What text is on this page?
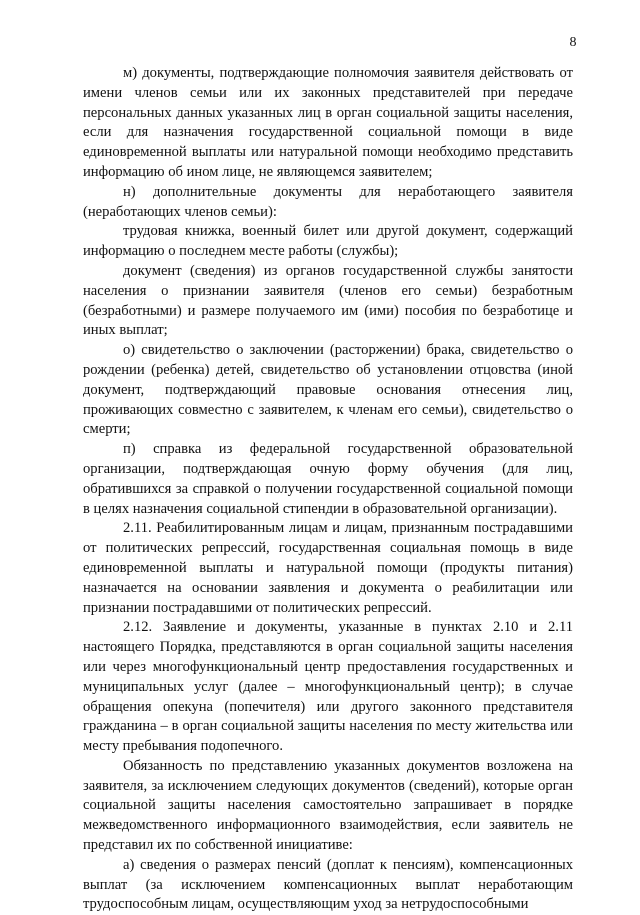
8

м) документы, подтверждающие полномочия заявителя действовать от имени членов семьи или их законных представителей при передаче персональных данных указанных лиц в орган социальной защиты населения, если для назначения государственной социальной помощи в виде единовременной выплаты или натуральной помощи необходимо представить информацию об ином лице, не являющемся заявителем;

н) дополнительные документы для неработающего заявителя (неработающих членов семьи):

трудовая книжка, военный билет или другой документ, содержащий информацию о последнем месте работы (службы);

документ (сведения) из органов государственной службы занятости населения о признании заявителя (членов его семьи) безработным (безработными) и размере получаемого им (ими) пособия по безработице и иных выплат;

о) свидетельство о заключении (расторжении) брака, свидетельство о рождении (ребенка) детей, свидетельство об установлении отцовства (иной документ, подтверждающий правовые основания отнесения лиц, проживающих совместно с заявителем, к членам его семьи), свидетельство о смерти;

п) справка из федеральной государственной образовательной организации, подтверждающая очную форму обучения (для лиц, обратившихся за справкой о получении государственной социальной помощи в целях назначения социальной стипендии в образовательной организации).

2.11. Реабилитированным лицам и лицам, признанным пострадавшими от политических репрессий, государственная социальная помощь в виде единовременной выплаты и натуральной помощи (продукты питания) назначается на основании заявления и документа о реабилитации или признании пострадавшими от политических репрессий.

2.12. Заявление и документы, указанные в пунктах 2.10 и 2.11 настоящего Порядка, представляются в орган социальной защиты населения или через многофункциональный центр предоставления государственных и муниципальных услуг (далее – многофункциональный центр); в случае обращения опекуна (попечителя) или другого законного представителя гражданина – в орган социальной защиты населения по месту жительства или месту пребывания подопечного.

Обязанность по представлению указанных документов возложена на заявителя, за исключением следующих документов (сведений), которые орган социальной защиты населения самостоятельно запрашивает в порядке межведомственного информационного взаимодействия, если заявитель не представил их по собственной инициативе:

а) сведения о размерах пенсий (доплат к пенсиям), компенсационных выплат (за исключением компенсационных выплат неработающим трудоспособным лицам, осуществляющим уход за нетрудоспособными
